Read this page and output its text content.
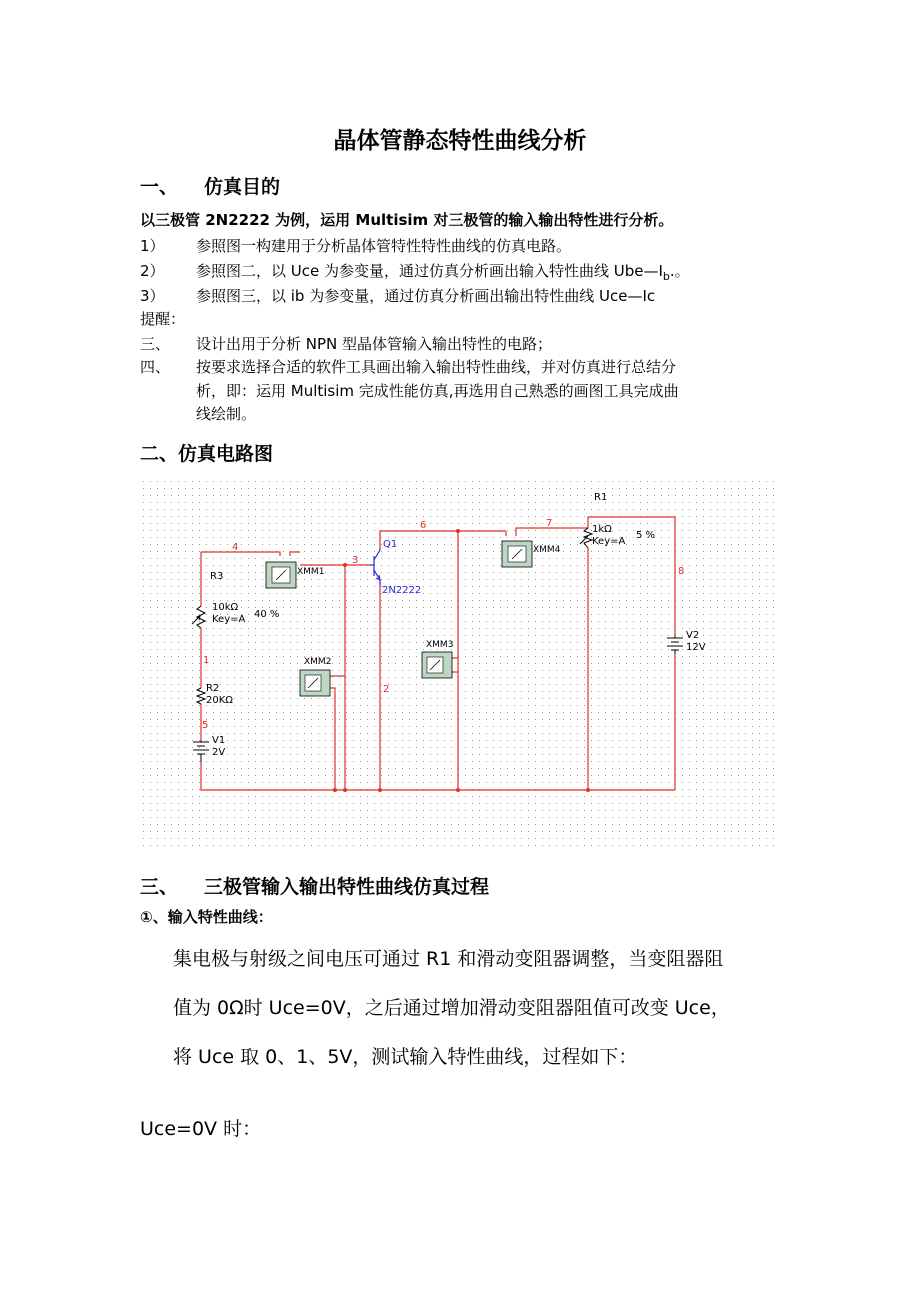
晶体管静态特性曲线分析
一、 仿真目的
以三极管 2N2222 为例，运用 Multisim 对三极管的输入输出特性进行分析。
1） 参照图一构建用于分析晶体管特性特性曲线的仿真电路。
2） 参照图二，以 Uce 为参变量，通过仿真分析画出输入特性曲线 $Ube—I_b$.。
3） 参照图三，以 ib 为参变量，通过仿真分析画出输出特性曲线 Uce—Ic
提醒：
三、 设计出用于分析 NPN 型晶体管输入输出特性的电路；
四、 按要求选择合适的软件工具画出输入输出特性曲线，并对仿真进行总结分
析，即：运用 Multisim 完成性能仿真,再选用自己熟悉的画图工具完成曲
线绘制。
二、仿真电路图
R3
10kΩ
Key=A 40 %
R2
20KΩ
V1
2V
V2
12V
R1
1kΩ
Key=A
5 %
Q1
2N2222
XMM1
XMM2
XMM3
XMM4
1
2
3
4
5
6	7
8
三、 三极管输入输出特性曲线仿真过程
①、输入特性曲线：
集电极与射级之间电压可通过 R1 和滑动变阻器调整，当变阻器阻
值为 0Ω时 Uce=0V，之后通过增加滑动变阻器阻值可改变 Uce，
将 Uce 取 0、1、5V，测试输入特性曲线，过程如下：
Uce=0V 时：
